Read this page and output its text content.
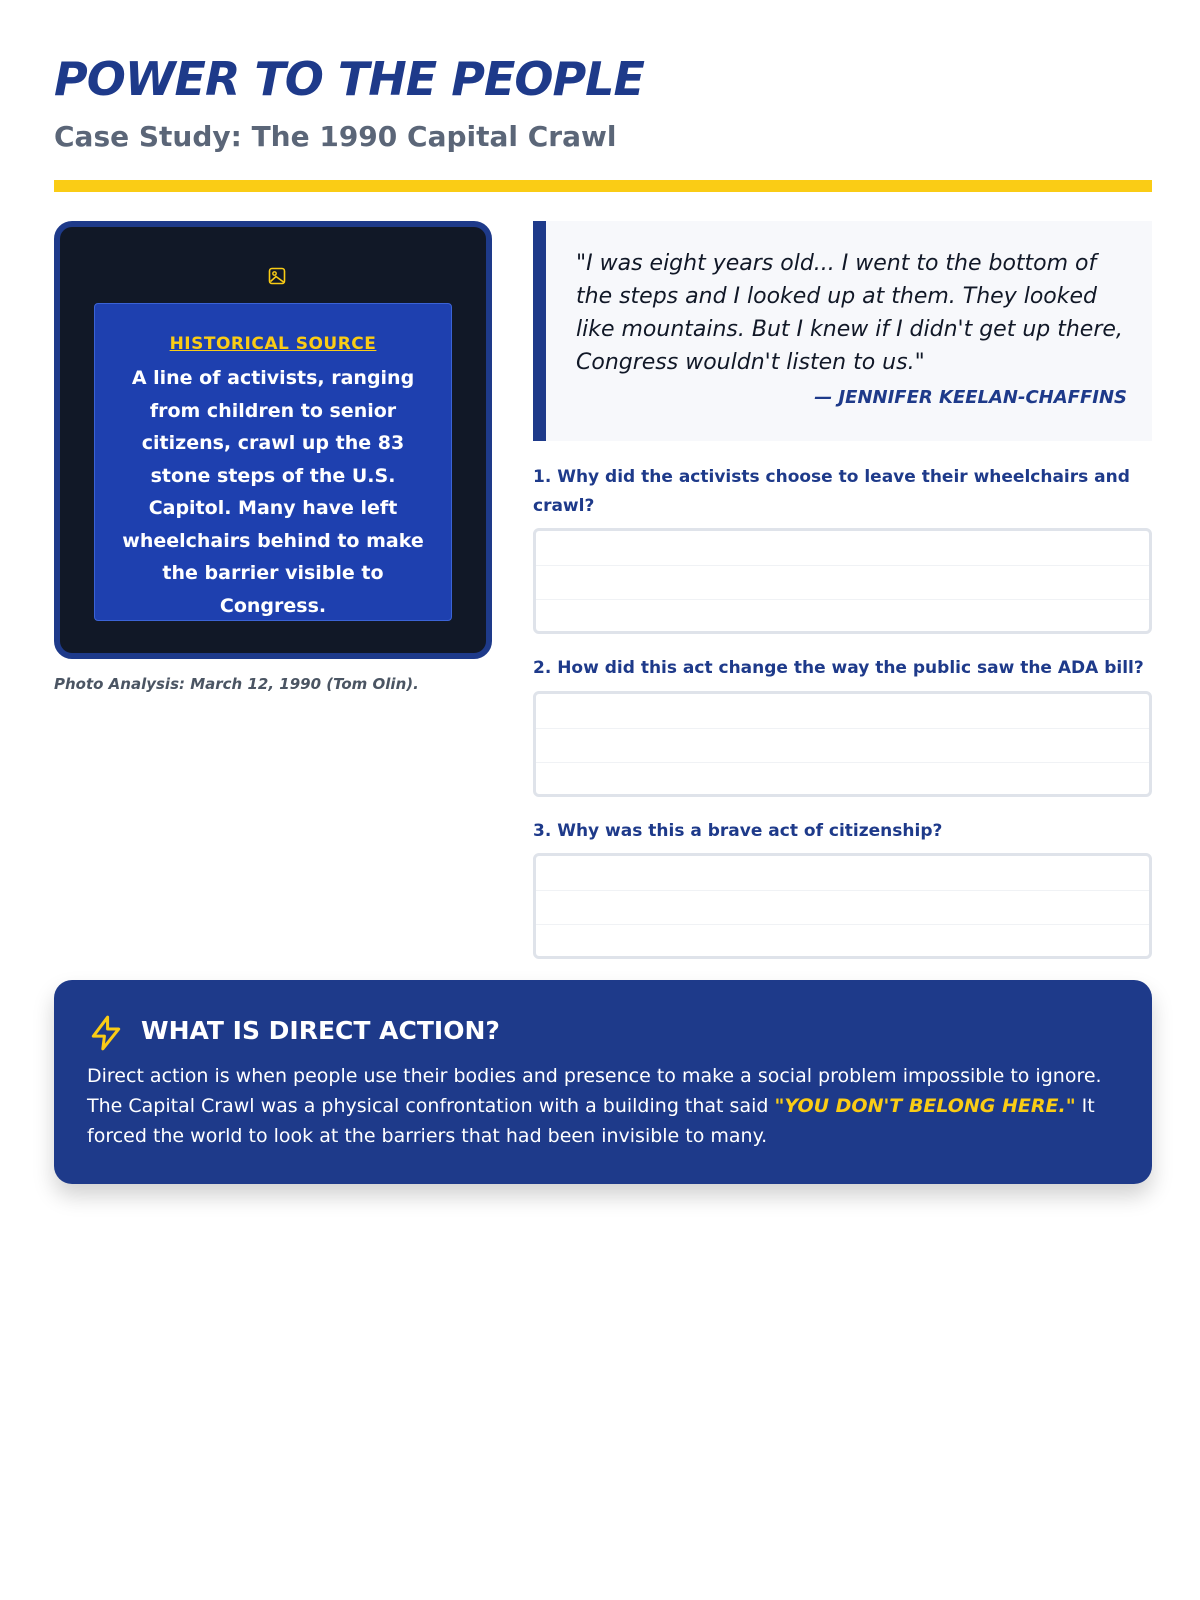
POWER TO THE PEOPLE
Case Study: The 1990 Capital Crawl
HISTORICAL SOURCE
A line of activists, ranging from children to senior citizens, crawl up the 83 stone steps of the U.S. Capitol. Many have left wheelchairs behind to make the barrier visible to Congress.
Photo Analysis: March 12, 1990 (Tom Olin).

"I was eight years old... I went to the bottom of the steps and I looked up at them. They looked like mountains. But I knew if I didn't get up there, Congress wouldn't listen to us."

— JENNIFER KEELAN-CHAFFINS
1. Why did the activists choose to leave their wheelchairs and crawl?
2. How did this act change the way the public saw the ADA bill?
3. Why was this a brave act of citizenship?
WHAT IS DIRECT ACTION?

Direct action is when people use their bodies and presence to make a social problem impossible to ignore. The Capital Crawl was a physical confrontation with a building that said "YOU DON'T BELONG HERE." It forced the world to look at the barriers that had been invisible to many.
